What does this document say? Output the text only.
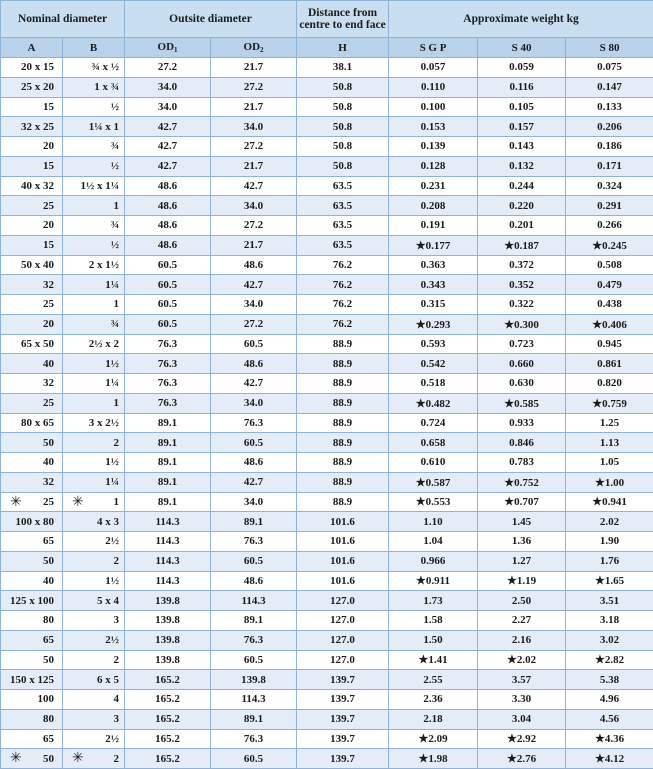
Nominal diameter		Outsite diameter		Distance from centre to end face	Approximate weight kg		
A	B	$OD_1$	$OD_2$	H	S G P	S 40	S 80

20 x 15	¾ x ½	27.2	21.7	38.1	0.057	0.059	0.075

25 x 20	1 x ¾	34.0	27.2	50.8	0.110	0.116	0.147

15	½	34.0	21.7	50.8	0.100	0.105	0.133

32 x 25	1¼ x 1	42.7	34.0	50.8	0.153	0.157	0.206

20	¾	42.7	27.2	50.8	0.139	0.143	0.186

15	½	42.7	21.7	50.8	0.128	0.132	0.171

40 x 32	1½ x 1¼	48.6	42.7	63.5	0.231	0.244	0.324

25	1	48.6	34.0	63.5	0.208	0.220	0.291

20	¾	48.6	27.2	63.5	0.191	0.201	0.266

15	½	48.6	21.7	63.5	★0.177	★0.187	★0.245

50 x 40	2 x 1½	60.5	48.6	76.2	0.363	0.372	0.508

32	1¼	60.5	42.7	76.2	0.343	0.352	0.479

25	1	60.5	34.0	76.2	0.315	0.322	0.438

20	¾	60.5	27.2	76.2	★0.293	★0.300	★0.406

65 x 50	2½ x 2	76.3	60.5	88.9	0.593	0.723	0.945

40	1½	76.3	48.6	88.9	0.542	0.660	0.861

32	1¼	76.3	42.7	88.9	0.518	0.630	0.820

25	1	76.3	34.0	88.9	★0.482	★0.585	★0.759

80 x 65	3 x 2½	89.1	76.3	88.9	0.724	0.933	1.25

50	2	89.1	60.5	88.9	0.658	0.846	1.13

40	1½	89.1	48.6	88.9	0.610	0.783	1.05

32	1¼	89.1	42.7	88.9	★0.587	★0.752	★1.00

✳ 25	✳ 1	89.1	34.0	88.9	★0.553	★0.707	★0.941

100 x 80	4 x 3	114.3	89.1	101.6	1.10	1.45	2.02

65	2½	114.3	76.3	101.6	1.04	1.36	1.90

50	2	114.3	60.5	101.6	0.966	1.27	1.76

40	1½	114.3	48.6	101.6	★0.911	★1.19	★1.65

125 x 100	5 x 4	139.8	114.3	127.0	1.73	2.50	3.51

80	3	139.8	89.1	127.0	1.58	2.27	3.18

65	2½	139.8	76.3	127.0	1.50	2.16	3.02

50	2	139.8	60.5	127.0	★1.41	★2.02	★2.82

150 x 125	6 x 5	165.2	139.8	139.7	2.55	3.57	5.38

100	4	165.2	114.3	139.7	2.36	3.30	4.96

80	3	165.2	89.1	139.7	2.18	3.04	4.56

65	2½	165.2	76.3	139.7	★2.09	★2.92	★4.36

✳ 50	✳ 2	165.2	60.5	139.7	★1.98	★2.76	★4.12
